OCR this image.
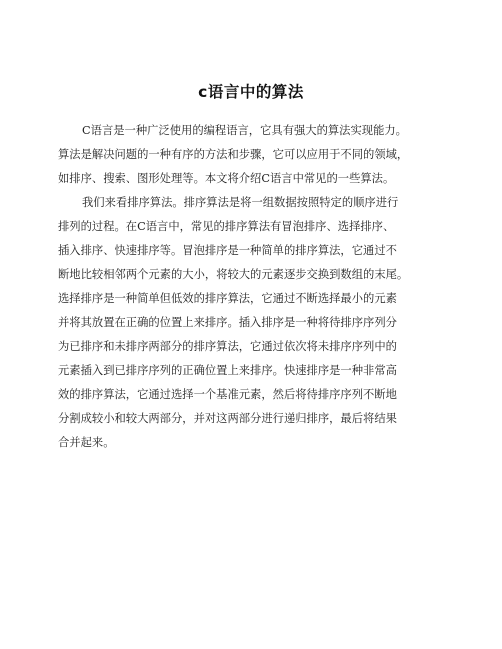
c语言中的算法
C语言是一种广泛使用的编程语言，它具有强大的算法实现能力。
算法是解决问题的一种有序的方法和步骤，它可以应用于不同的领域，
如排序、搜索、图形处理等。本文将介绍C语言中常见的一些算法。
我们来看排序算法。排序算法是将一组数据按照特定的顺序进行
排列的过程。在C语言中，常见的排序算法有冒泡排序、选择排序、
插入排序、快速排序等。冒泡排序是一种简单的排序算法，它通过不
断地比较相邻两个元素的大小，将较大的元素逐步交换到数组的末尾。
选择排序是一种简单但低效的排序算法，它通过不断选择最小的元素
并将其放置在正确的位置上来排序。插入排序是一种将待排序序列分
为已排序和未排序两部分的排序算法，它通过依次将未排序序列中的
元素插入到已排序序列的正确位置上来排序。快速排序是一种非常高
效的排序算法，它通过选择一个基准元素，然后将待排序序列不断地
分割成较小和较大两部分，并对这两部分进行递归排序，最后将结果
合并起来。
